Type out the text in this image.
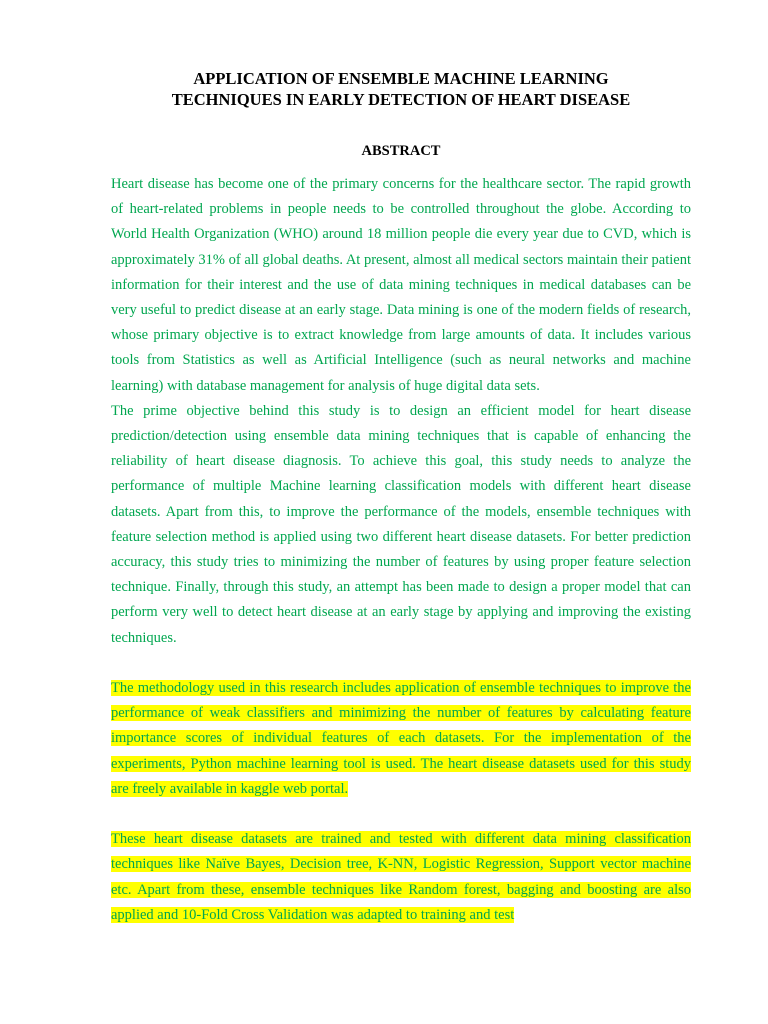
APPLICATION OF ENSEMBLE MACHINE LEARNING
TECHNIQUES IN EARLY DETECTION OF HEART DISEASE
ABSTRACT

Heart disease has become one of the primary concerns for the healthcare sector. The rapid growth of heart-related problems in people needs to be controlled throughout the globe. According to World Health Organization (WHO) around 18 million people die every year due to CVD, which is approximately 31% of all global deaths. At present, almost all medical sectors maintain their patient information for their interest and the use of data mining techniques in medical databases can be very useful to predict disease at an early stage. Data mining is one of the modern fields of research, whose primary objective is to extract knowledge from large amounts of data. It includes various tools from Statistics as well as Artificial Intelligence (such as neural networks and machine learning) with database management for analysis of huge digital data sets.

The prime objective behind this study is to design an efficient model for heart disease prediction/detection using ensemble data mining techniques that is capable of enhancing the reliability of heart disease diagnosis. To achieve this goal, this study needs to analyze the performance of multiple Machine learning classification models with different heart disease datasets. Apart from this, to improve the performance of the models, ensemble techniques with feature selection method is applied using two different heart disease datasets. For better prediction accuracy, this study tries to minimizing the number of features by using proper feature selection technique. Finally, through this study, an attempt has been made to design a proper model that can perform very well to detect heart disease at an early stage by applying and improving the existing techniques.

The methodology used in this research includes application of ensemble techniques to improve the performance of weak classifiers and minimizing the number of features by calculating feature importance scores of individual features of each datasets. For the implementation of the experiments, Python machine learning tool is used. The heart disease datasets used for this study are freely available in kaggle web portal.

These heart disease datasets are trained and tested with different data mining classification techniques like Naïve Bayes, Decision tree, K-NN, Logistic Regression, Support vector machine etc. Apart from these, ensemble techniques like Random forest, bagging and boosting are also applied and 10-Fold Cross Validation was adapted to training and test
